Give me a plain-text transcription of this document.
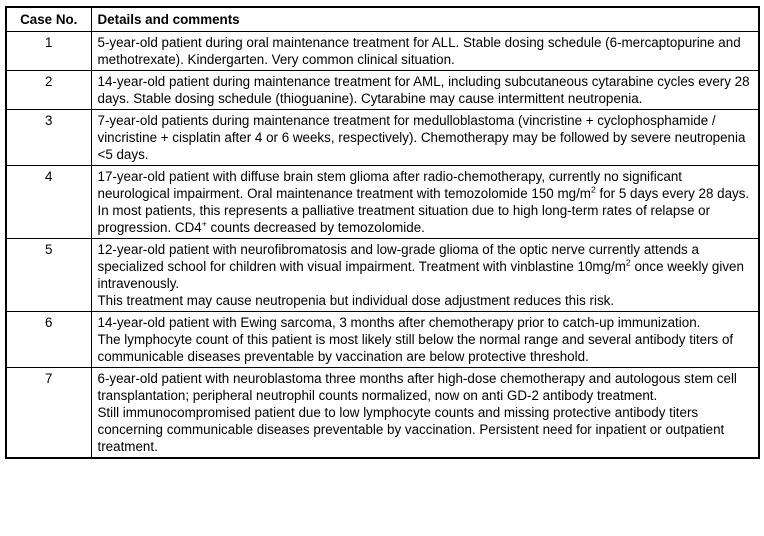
Case No.	Details and comments
1	5-year-old patient during oral maintenance treatment for ALL. Stable dosing schedule (6-mercaptopurine and methotrexate). Kindergarten. Very common clinical situation.

2	14-year-old patient during maintenance treatment for AML, including subcutaneous cytarabine cycles every 28 days. Stable dosing schedule (thioguanine). Cytarabine may cause intermittent neutropenia.

3	7-year-old patients during maintenance treatment for medulloblastoma (vincristine + cyclophosphamide / vincristine + cisplatin after 4 or 6 weeks, respectively). Chemotherapy may be followed by severe neutropenia <5 days.

4	17-year-old patient with diffuse brain stem glioma after radio-chemotherapy, currently no significant neurological impairment. Oral maintenance treatment with temozolomide 150 $mg/m^2$ for 5 days every 28 days.
In most patients, this represents a palliative treatment situation due to high long-term rates of relapse or progression. CD4+ counts decreased by temozolomide.

5	12-year-old patient with neurofibromatosis and low-grade glioma of the optic nerve currently attends a specialized school for children with visual impairment. Treatment with vinblastine $10mg/m^2$ once weekly given intravenously.
This treatment may cause neutropenia but individual dose adjustment reduces this risk.

6	14-year-old patient with Ewing sarcoma, 3 months after chemotherapy prior to catch-up immunization.
The lymphocyte count of this patient is most likely still below the normal range and several antibody titers of communicable diseases preventable by vaccination are below protective threshold.

7	6-year-old patient with neuroblastoma three months after high-dose chemotherapy and autologous stem cell transplantation; peripheral neutrophil counts normalized, now on anti GD-2 antibody treatment.
Still immunocompromised patient due to low lymphocyte counts and missing protective antibody titers concerning communicable diseases preventable by vaccination. Persistent need for inpatient or outpatient treatment.
